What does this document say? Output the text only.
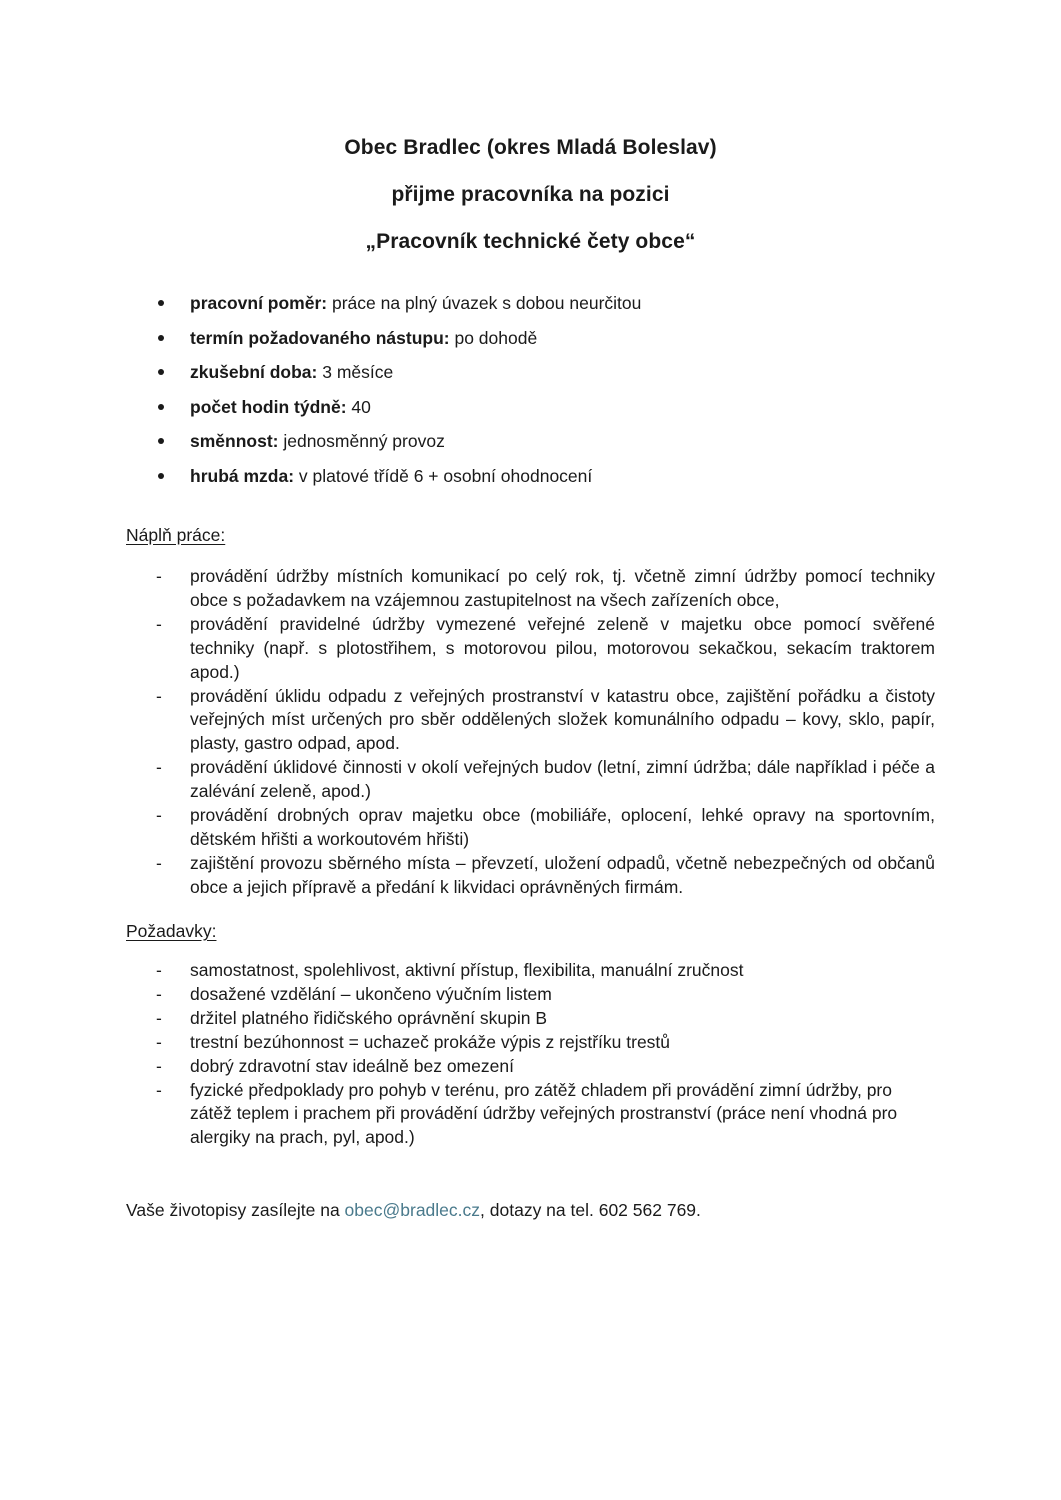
Obec Bradlec (okres Mladá Boleslav)
přijme pracovníka na pozici
„Pracovník technické čety obce“
pracovní poměr: práce na plný úvazek s dobou neurčitou
termín požadovaného nástupu: po dohodě
zkušební doba: 3 měsíce
počet hodin týdně: 40
směnnost: jednosměnný provoz
hrubá mzda: v platové třídě 6 + osobní ohodnocení
Náplň práce:
- provádění údržby místních komunikací po celý rok, tj. včetně zimní údržby pomocí techniky obce s požadavkem na vzájemnou zastupitelnost na všech zařízeních obce,
- provádění pravidelné údržby vymezené veřejné zeleně v majetku obce pomocí svěřené techniky (např. s plotostřihem, s motorovou pilou, motorovou sekačkou, sekacím traktorem apod.)
- provádění úklidu odpadu z veřejných prostranství v katastru obce, zajištění pořádku a čistoty veřejných míst určených pro sběr oddělených složek komunálního odpadu – kovy, sklo, papír, plasty, gastro odpad, apod.
- provádění úklidové činnosti v okolí veřejných budov (letní, zimní údržba; dále například i péče a zalévání zeleně, apod.)
- provádění drobných oprav majetku obce (mobiliáře, oplocení, lehké opravy na sportovním, dětském hřišti a workoutovém hřišti)
- zajištění provozu sběrného místa – převzetí, uložení odpadů, včetně nebezpečných od občanů obce a jejich přípravě a předání k likvidaci oprávněných firmám.
Požadavky:
- samostatnost, spolehlivost, aktivní přístup, flexibilita, manuální zručnost
- dosažené vzdělání – ukončeno výučním listem
- držitel platného řidičského oprávnění skupin B
- trestní bezúhonnost = uchazeč prokáže výpis z rejstříku trestů
- dobrý zdravotní stav ideálně bez omezení
- fyzické předpoklady pro pohyb v terénu, pro zátěž chladem při provádění zimní údržby, pro zátěž teplem i prachem při provádění údržby veřejných prostranství (práce není vhodná pro alergiky na prach, pyl, apod.)
Vaše životopisy zasílejte na obec@bradlec.cz, dotazy na tel. 602 562 769.
